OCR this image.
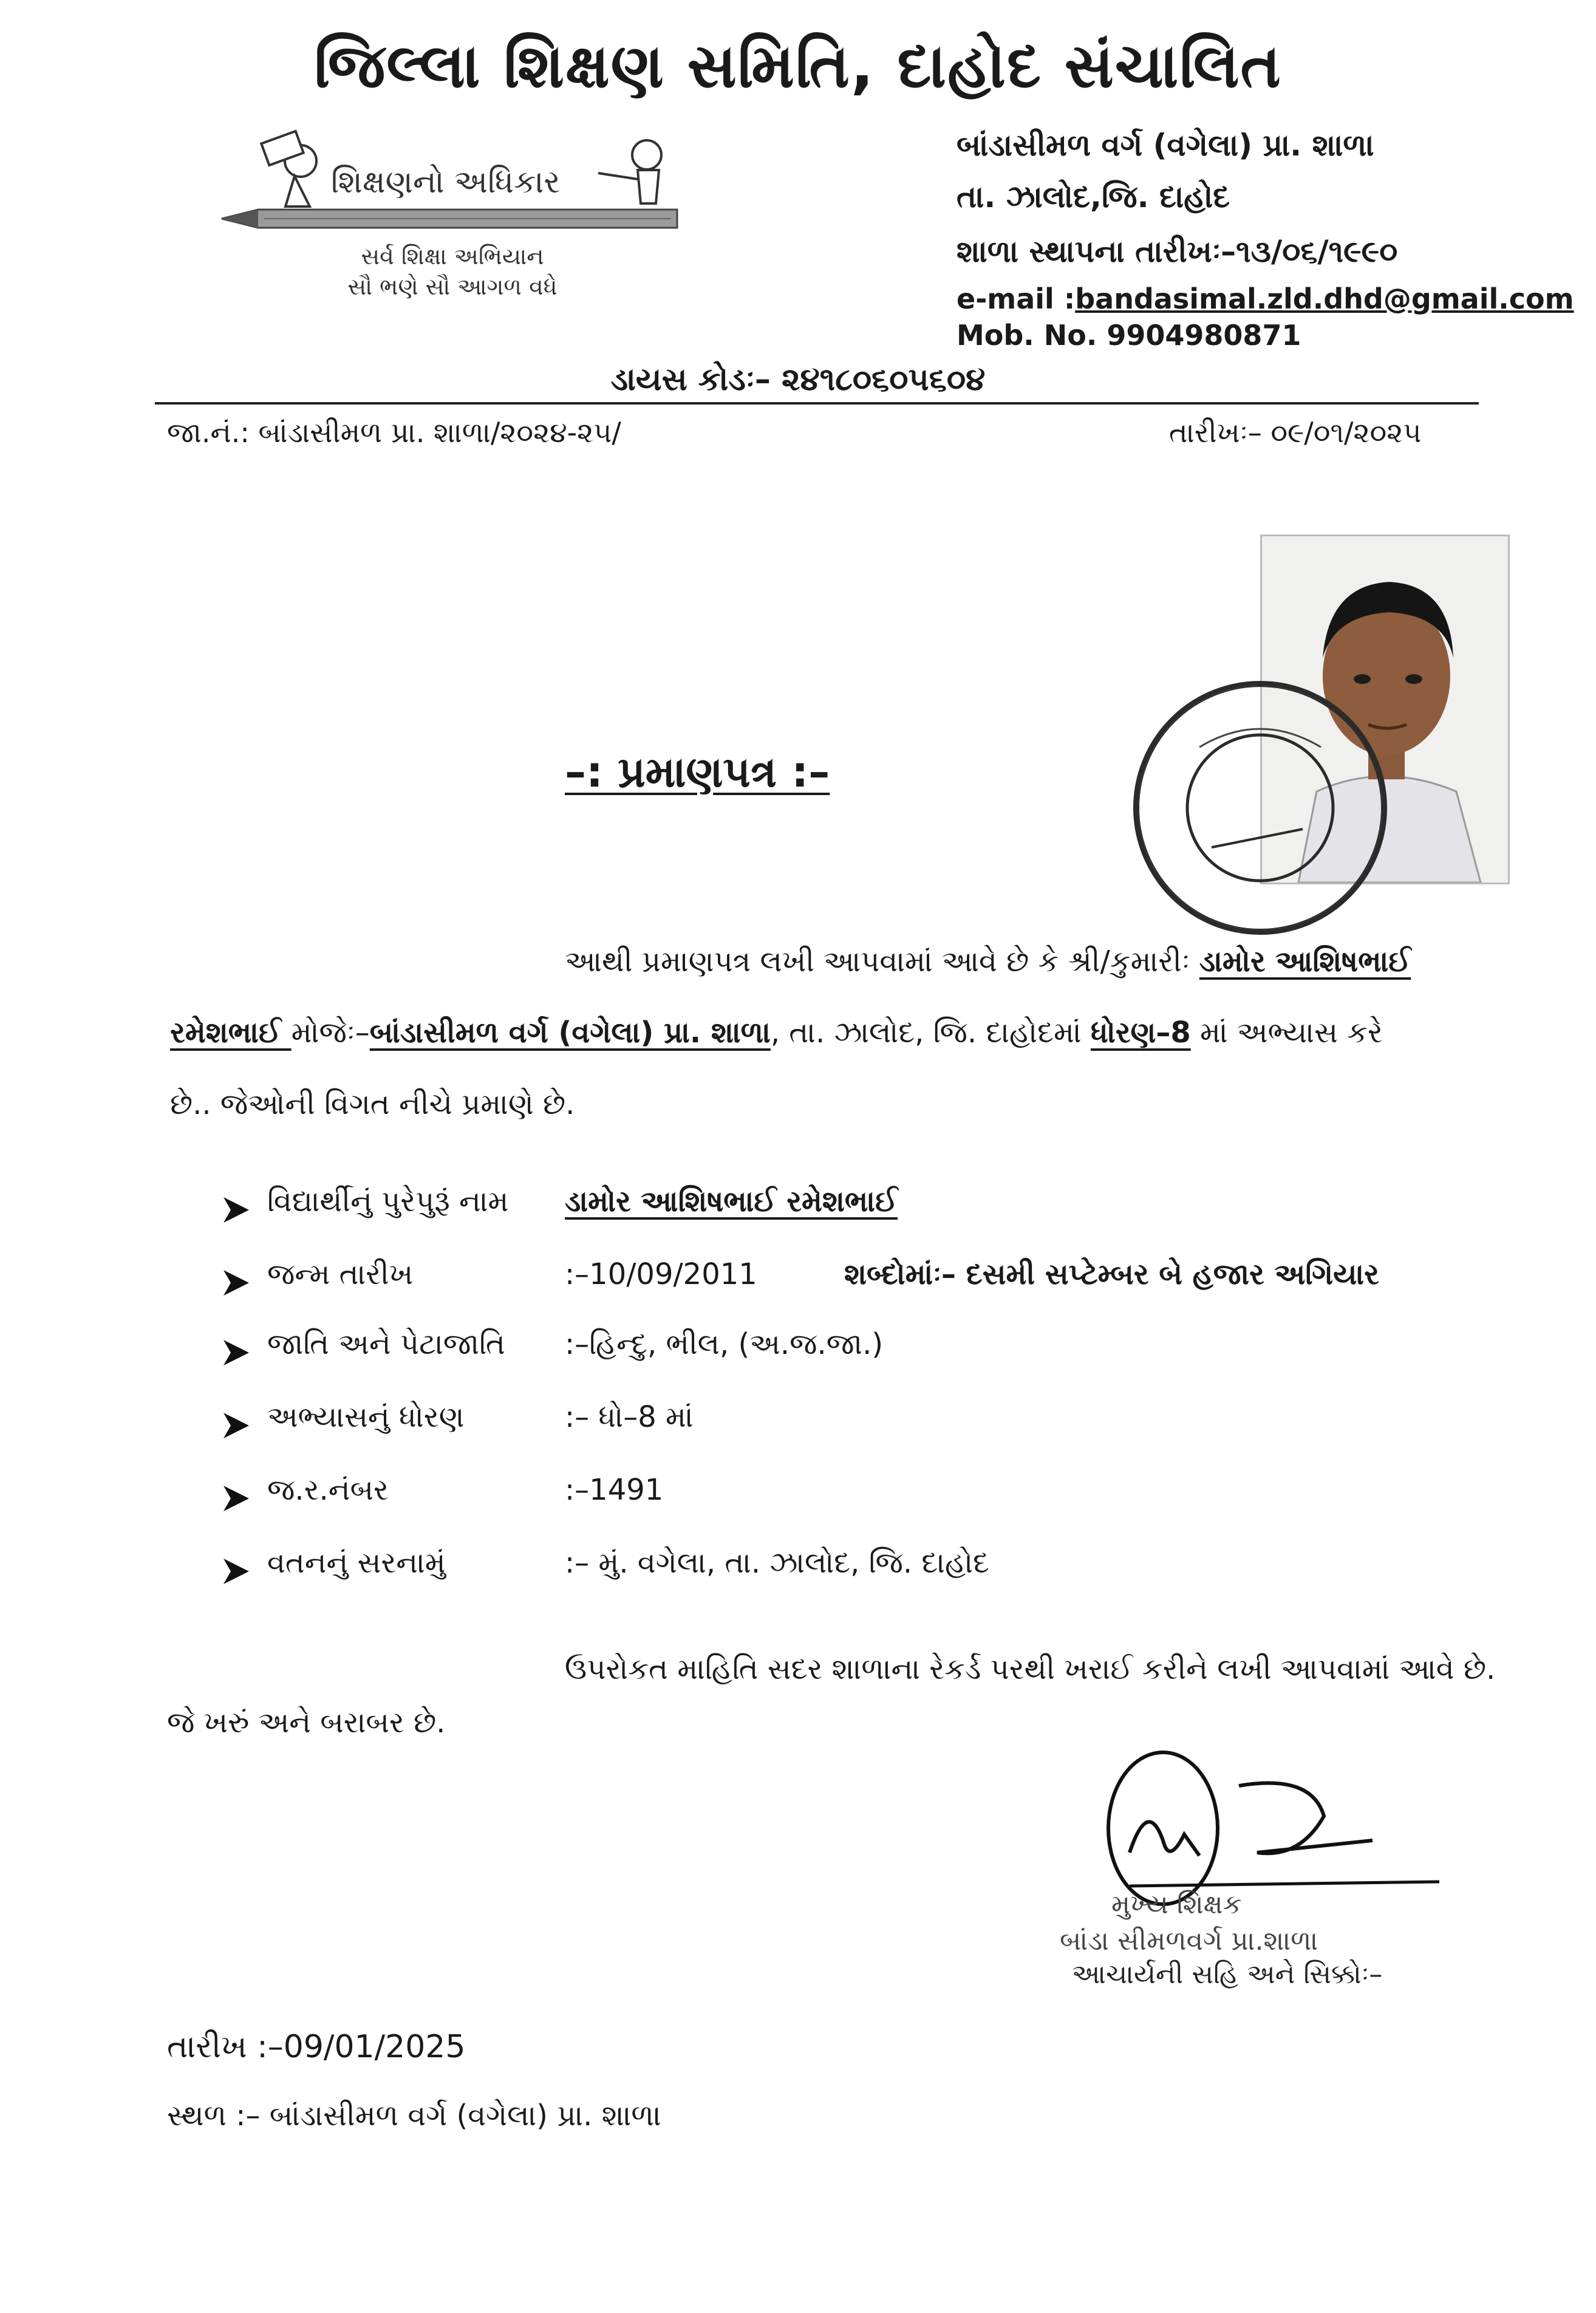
જિલ્લા શિક્ષણ સમિતિ, દાહોદ સંચાલિત
શિક્ષણનો અધિકાર
સર્વ શિક્ષા અભિયાન
સૌ ભણે સૌ આગળ વધે
બાંડાસીમળ વર્ગ (વગેલા) પ્રા. શાળા
તા. ઝાલોદ,જિ. દાહોદ
શાળા સ્થાપના તારીખઃ–૧૩/૦૬/૧૯૯૦
e-mail :bandasimal.zld.dhd@gmail.com
Mob. No. 9904980871
ડાયસ કોડઃ– ૨૪૧૮૦૬૦૫૬૦૪
જા.નં.: બાંડાસીમળ પ્રા. શાળા/૨૦૨૪-૨૫/	તારીખઃ– ૦૯/૦૧/૨૦૨૫
–: પ્રમાણપત્ર :–
આથી પ્રમાણપત્ર લખી આપવામાં આવે છે કે શ્રી/કુમારીઃ ડામોર આશિષભાઈ
રમેશભાઈ મોજેઃ–બાંડાસીમળ વર્ગ (વગેલા) પ્રા. શાળા, તા. ઝાલોદ, જિ. દાહોદમાં ધોરણ–8 માં અભ્યાસ કરે
છે.. જેઓની વિગત નીચે પ્રમાણે છે.
વિદ્યાર્થીનું પુરેપુરૂં નામ ડામોર આશિષભાઈ રમેશભાઈ
જન્મ તારીખ	:–10/09/2011	શબ્દોમાંઃ– દસમી સપ્ટેમ્બર બે હજાર અગિયાર
જાતિ અને પેટાજાતિ :–હિન્દુ, ભીલ, (અ.જ.જા.)
અભ્યાસનું ધોરણ	:– ધો–8 માં
જ.ર.નંબર	:–1491
વતનનું સરનામું	:– મું. વગેલા, તા. ઝાલોદ, જિ. દાહોદ
ઉપરોકત માહિતિ સદર શાળાના રેકર્ડ પરથી ખરાઈ કરીને લખી આપવામાં આવે છે.
જે ખરું અને બરાબર છે.
મુખ્ય શિક્ષક
બાંડા સીમળવર્ગ પ્રા.શાળા
આચાર્યની સહિ અને સિક્કોઃ–
તારીખ :–09/01/2025
સ્થળ :– બાંડાસીમળ વર્ગ (વગેલા) પ્રા. શાળા
